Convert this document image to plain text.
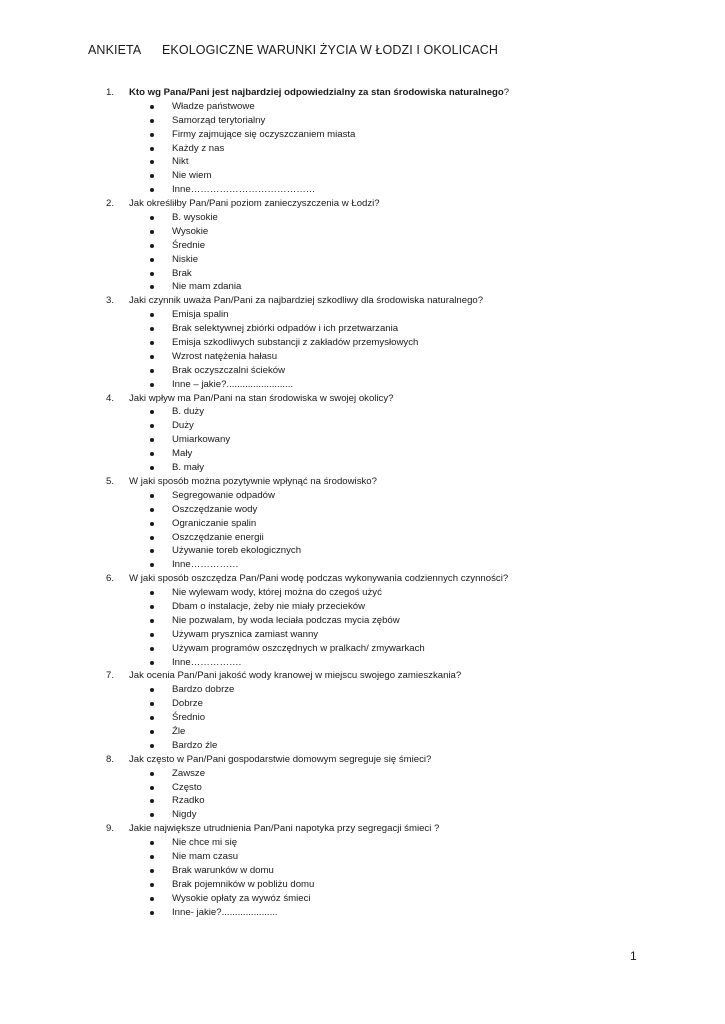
ANKIETA EKOLOGICZNE WARUNKI ŻYCIA W ŁODZI I OKOLICACH
1. Kto wg Pana/Pani jest najbardziej odpowiedzialny za stan środowiska naturalnego?
Władze państwowe
Samorząd terytorialny
Firmy zajmujące się oczyszczaniem miasta
Każdy z nas
Nikt
Nie wiem
Inne…………………………………
2. Jak określiłby Pan/Pani poziom zanieczyszczenia w Łodzi?
B. wysokie
Wysokie
Średnie
Niskie
Brak
Nie mam zdania
3. Jaki czynnik uważa Pan/Pani za najbardziej szkodliwy dla środowiska naturalnego?
Emisja spalin
Brak selektywnej zbiórki odpadów i ich przetwarzania
Emisja szkodliwych substancji z zakładów przemysłowych
Wzrost natężenia hałasu
Brak oczyszczalni ścieków
Inne – jakie?.........................
4. Jaki wpływ ma Pan/Pani na stan środowiska w swojej okolicy?
B. duży
Duży
Umiarkowany
Mały
B. mały
5. W jaki sposób można pozytywnie wpłynąć na środowisko?
Segregowanie odpadów
Oszczędzanie wody
Ograniczanie spalin
Oszczędzanie energii
Używanie toreb ekologicznych
Inne……………
6. W jaki sposób oszczędza Pan/Pani wodę podczas wykonywania codziennych czynności?
Nie wylewam wody, której można do czegoś użyć
Dbam o instalacje, żeby nie miały przecieków
Nie pozwalam, by woda leciała podczas mycia zębów
Używam prysznica zamiast wanny
Używam programów oszczędnych w pralkach/ zmywarkach
Inne…………….
7. Jak ocenia Pan/Pani jakość wody kranowej w miejscu swojego zamieszkania?
Bardzo dobrze
Dobrze
Średnio
Źle
Bardzo źle
8. Jak często w Pan/Pani gospodarstwie domowym segreguje się śmieci?
Zawsze
Często
Rzadko
Nigdy
9. Jakie największe utrudnienia Pan/Pani napotyka przy segregacji śmieci ?
Nie chce mi się
Nie mam czasu
Brak warunków w domu
Brak pojemników w pobliżu domu
Wysokie opłaty za wywóz śmieci
Inne- jakie?.....................
1
